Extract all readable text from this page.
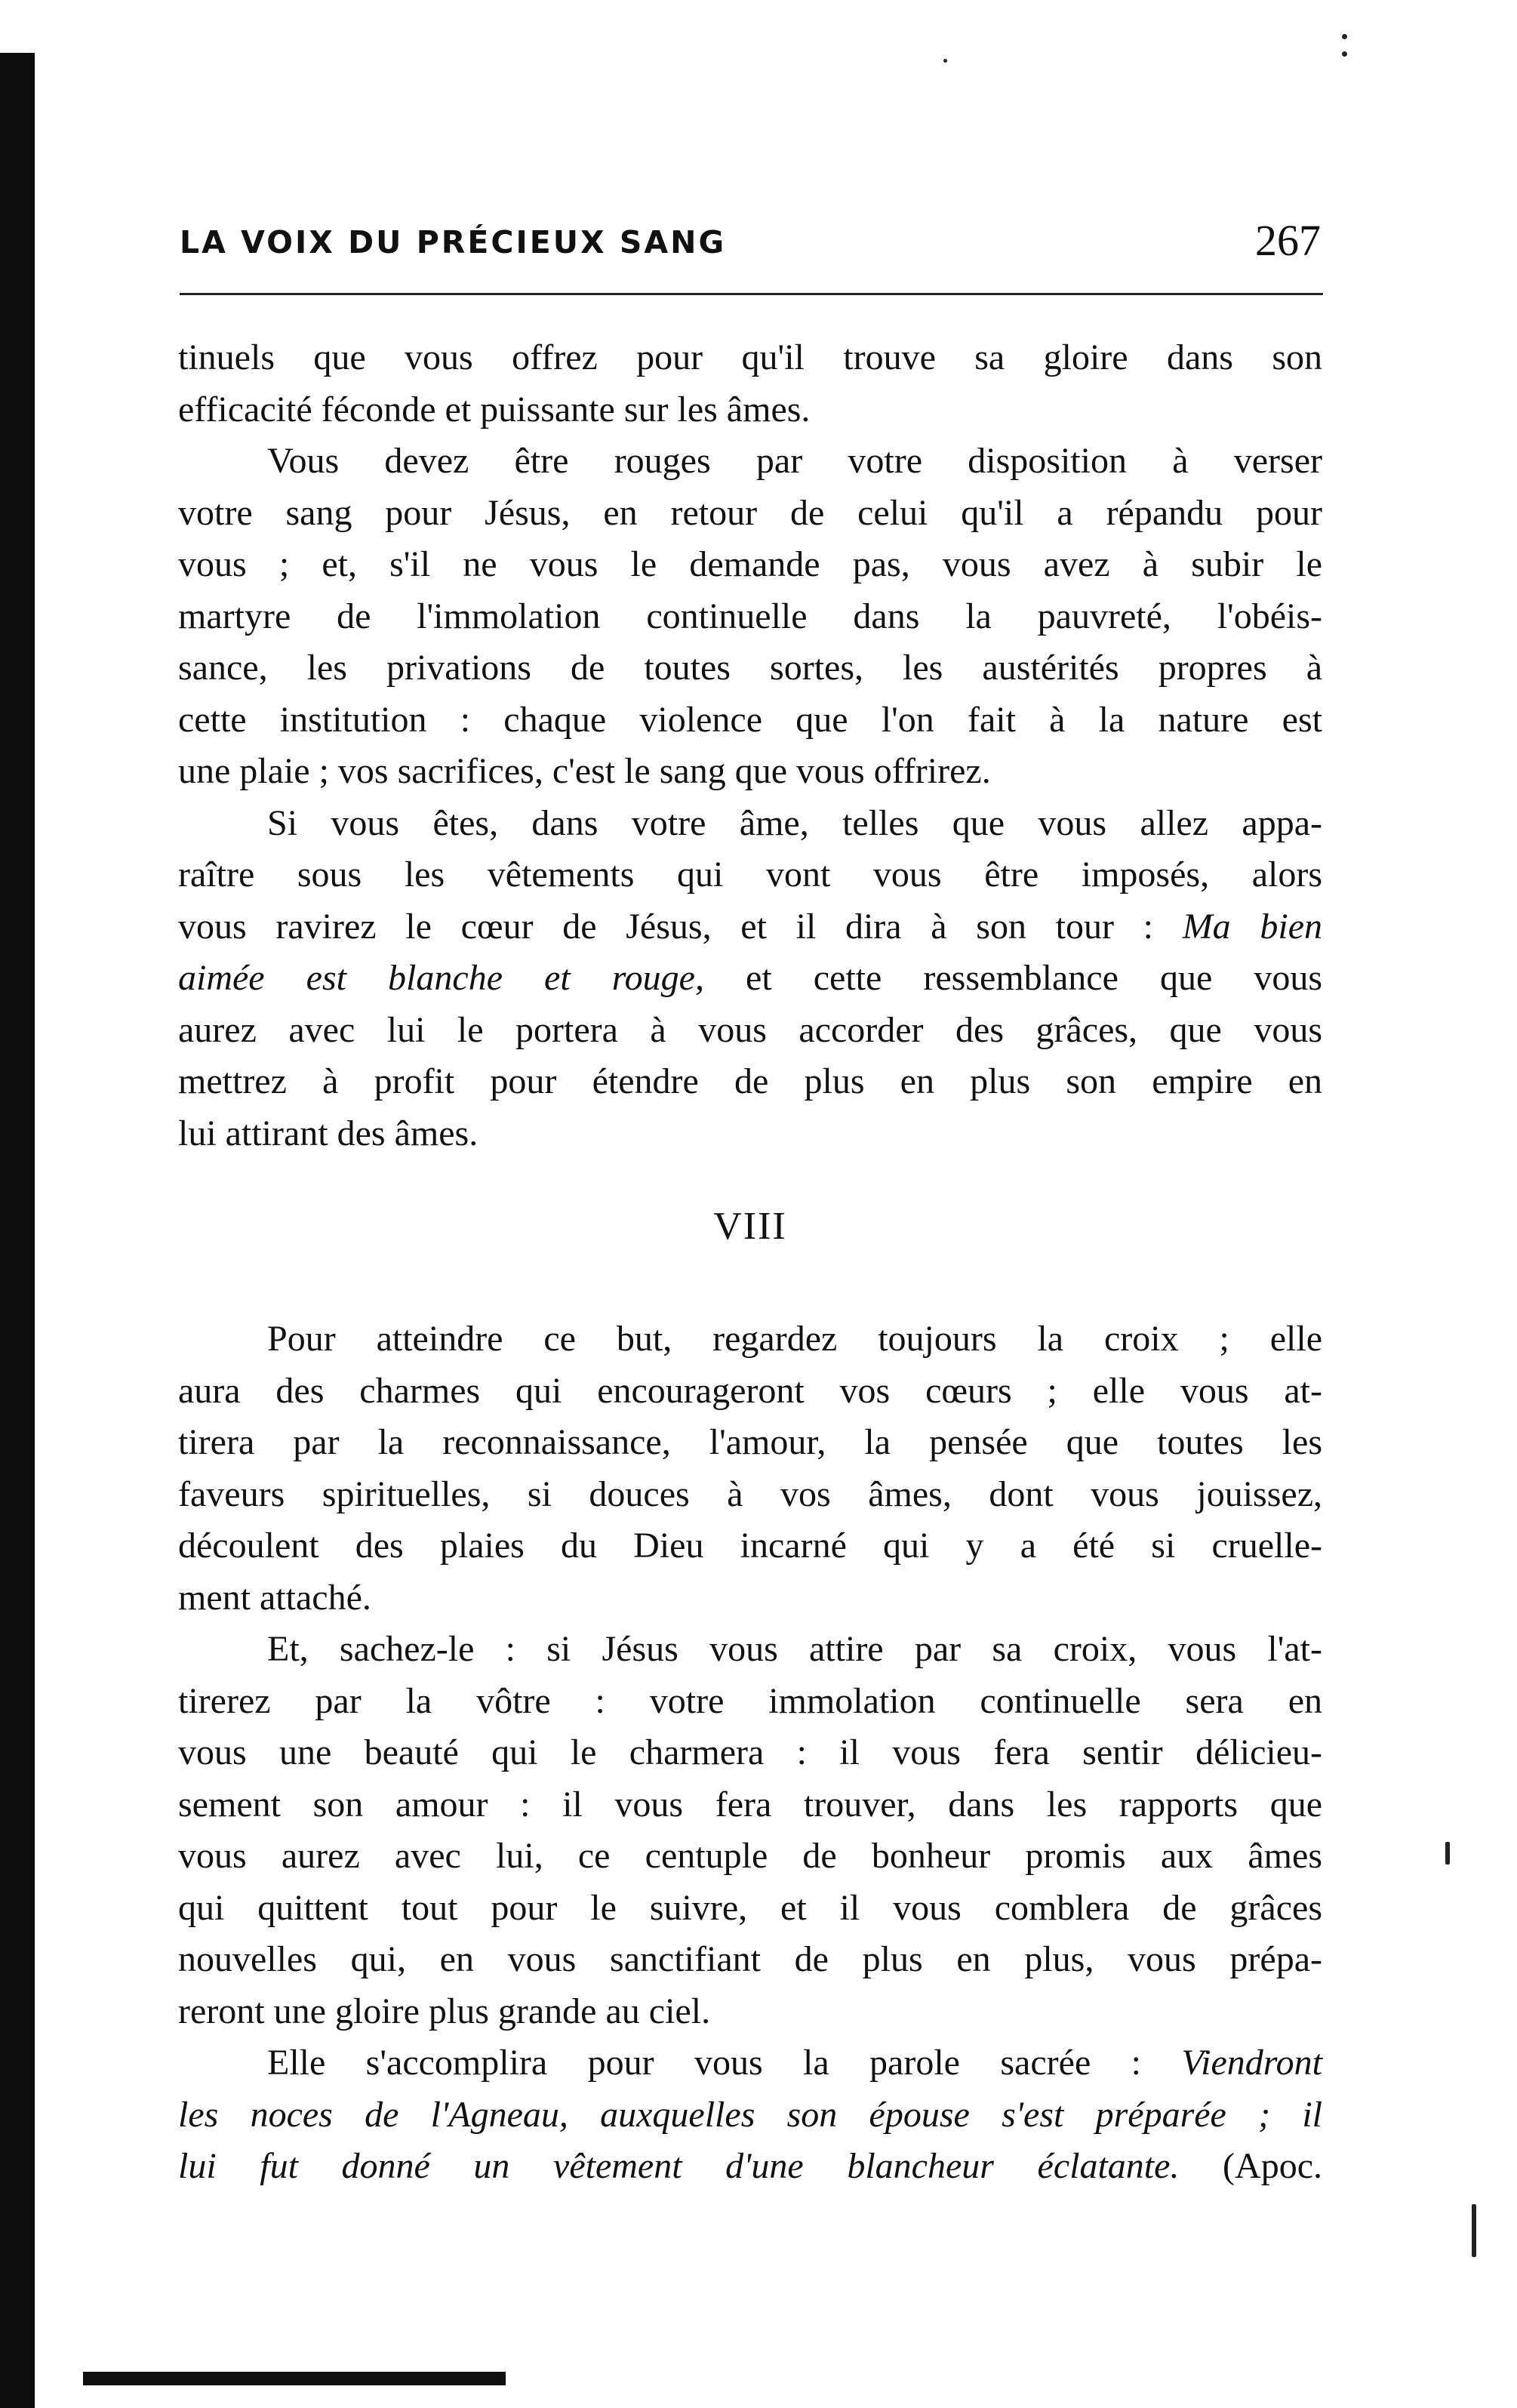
LA VOIX DU PRÉCIEUX SANG	267
tinuels que vous offrez pour qu'il trouve sa gloire dans son
efficacité féconde et puissante sur les âmes.
Vous devez être rouges par votre disposition à verser
votre sang pour Jésus, en retour de celui qu'il a répandu pour
vous ; et, s'il ne vous le demande pas, vous avez à subir le
martyre de l'immolation continuelle dans la pauvreté, l'obéis-
sance, les privations de toutes sortes, les austérités propres à
cette institution : chaque violence que l'on fait à la nature est
une plaie ; vos sacrifices, c'est le sang que vous offrirez.
Si vous êtes, dans votre âme, telles que vous allez appa-
raître sous les vêtements qui vont vous être imposés, alors
vous ravirez le cœur de Jésus, et il dira à son tour : Ma bien
aimée est blanche et rouge, et cette ressemblance que vous
aurez avec lui le portera à vous accorder des grâces, que vous
mettrez à profit pour étendre de plus en plus son empire en
lui attirant des âmes.
VIII
Pour atteindre ce but, regardez toujours la croix ; elle
aura des charmes qui encourageront vos cœurs ; elle vous at-
tirera par la reconnaissance, l'amour, la pensée que toutes les
faveurs spirituelles, si douces à vos âmes, dont vous jouissez,
découlent des plaies du Dieu incarné qui y a été si cruelle-
ment attaché.
Et, sachez-le : si Jésus vous attire par sa croix, vous l'at-
tirerez par la vôtre : votre immolation continuelle sera en
vous une beauté qui le charmera : il vous fera sentir délicieu-
sement son amour : il vous fera trouver, dans les rapports que
vous aurez avec lui, ce centuple de bonheur promis aux âmes
qui quittent tout pour le suivre, et il vous comblera de grâces
nouvelles qui, en vous sanctifiant de plus en plus, vous prépa-
reront une gloire plus grande au ciel.
Elle s'accomplira pour vous la parole sacrée : Viendront
les noces de l'Agneau, auxquelles son épouse s'est préparée ; il
lui fut donné un vêtement d'une blancheur éclatante. (Apoc.
